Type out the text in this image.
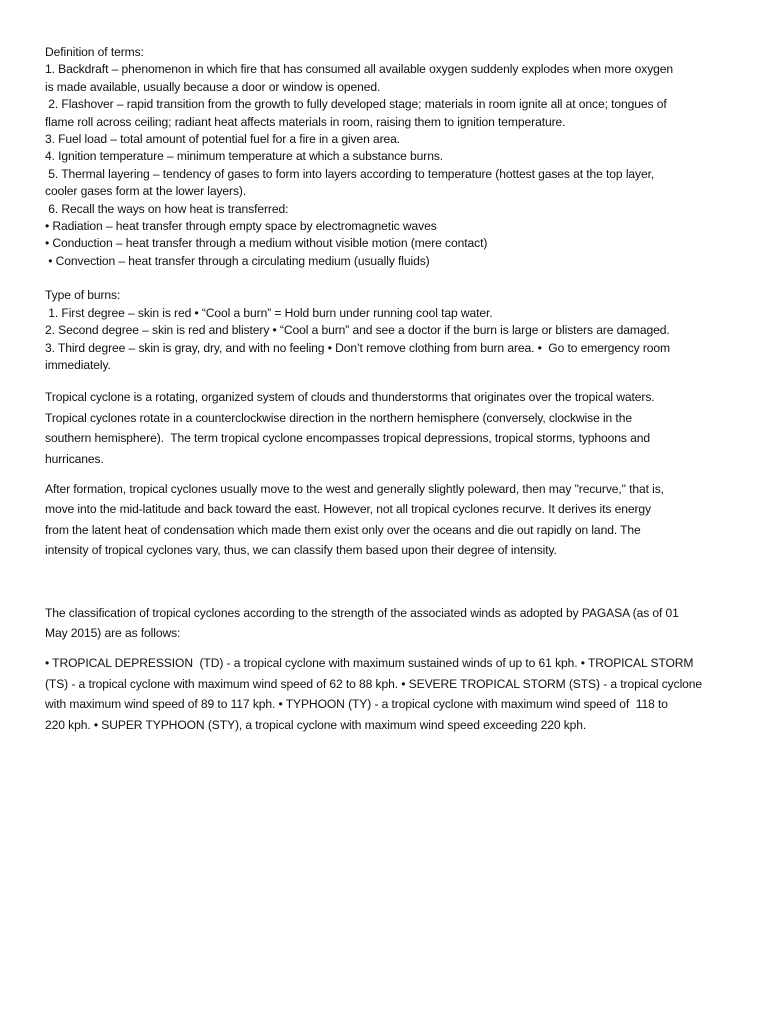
Definition of terms:

1. Backdraft – phenomenon in which fire that has consumed all available oxygen suddenly explodes when more oxygen

is made available, usually because a door or window is opened.

2. Flashover – rapid transition from the growth to fully developed stage; materials in room ignite all at once; tongues of

flame roll across ceiling; radiant heat affects materials in room, raising them to ignition temperature.

3. Fuel load – total amount of potential fuel for a fire in a given area.

4. Ignition temperature – minimum temperature at which a substance burns.

5. Thermal layering – tendency of gases to form into layers according to temperature (hottest gases at the top layer,

cooler gases form at the lower layers).

6. Recall the ways on how heat is transferred:

• Radiation – heat transfer through empty space by electromagnetic waves

• Conduction – heat transfer through a medium without visible motion (mere contact)

• Convection – heat transfer through a circulating medium (usually fluids)

Type of burns:

1. First degree – skin is red • “Cool a burn” = Hold burn under running cool tap water.

2. Second degree – skin is red and blistery • “Cool a burn” and see a doctor if the burn is large or blisters are damaged.

3. Third degree – skin is gray, dry, and with no feeling • Don’t remove clothing from burn area. •  Go to emergency room

immediately.

Tropical cyclone is a rotating, organized system of clouds and thunderstorms that originates over the tropical waters.

Tropical cyclones rotate in a counterclockwise direction in the northern hemisphere (conversely, clockwise in the

southern hemisphere).  The term tropical cyclone encompasses tropical depressions, tropical storms, typhoons and

hurricanes.

After formation, tropical cyclones usually move to the west and generally slightly poleward, then may "recurve," that is,

move into the mid-latitude and back toward the east. However, not all tropical cyclones recurve. It derives its energy

from the latent heat of condensation which made them exist only over the oceans and die out rapidly on land. The

intensity of tropical cyclones vary, thus, we can classify them based upon their degree of intensity.

The classification of tropical cyclones according to the strength of the associated winds as adopted by PAGASA (as of 01

May 2015) are as follows:

• TROPICAL DEPRESSION  (TD) - a tropical cyclone with maximum sustained winds of up to 61 kph. • TROPICAL STORM

(TS) - a tropical cyclone with maximum wind speed of 62 to 88 kph. • SEVERE TROPICAL STORM (STS) - a tropical cyclone

with maximum wind speed of 89 to 117 kph. • TYPHOON (TY) - a tropical cyclone with maximum wind speed of  118 to

220 kph. • SUPER TYPHOON (STY), a tropical cyclone with maximum wind speed exceeding 220 kph.
